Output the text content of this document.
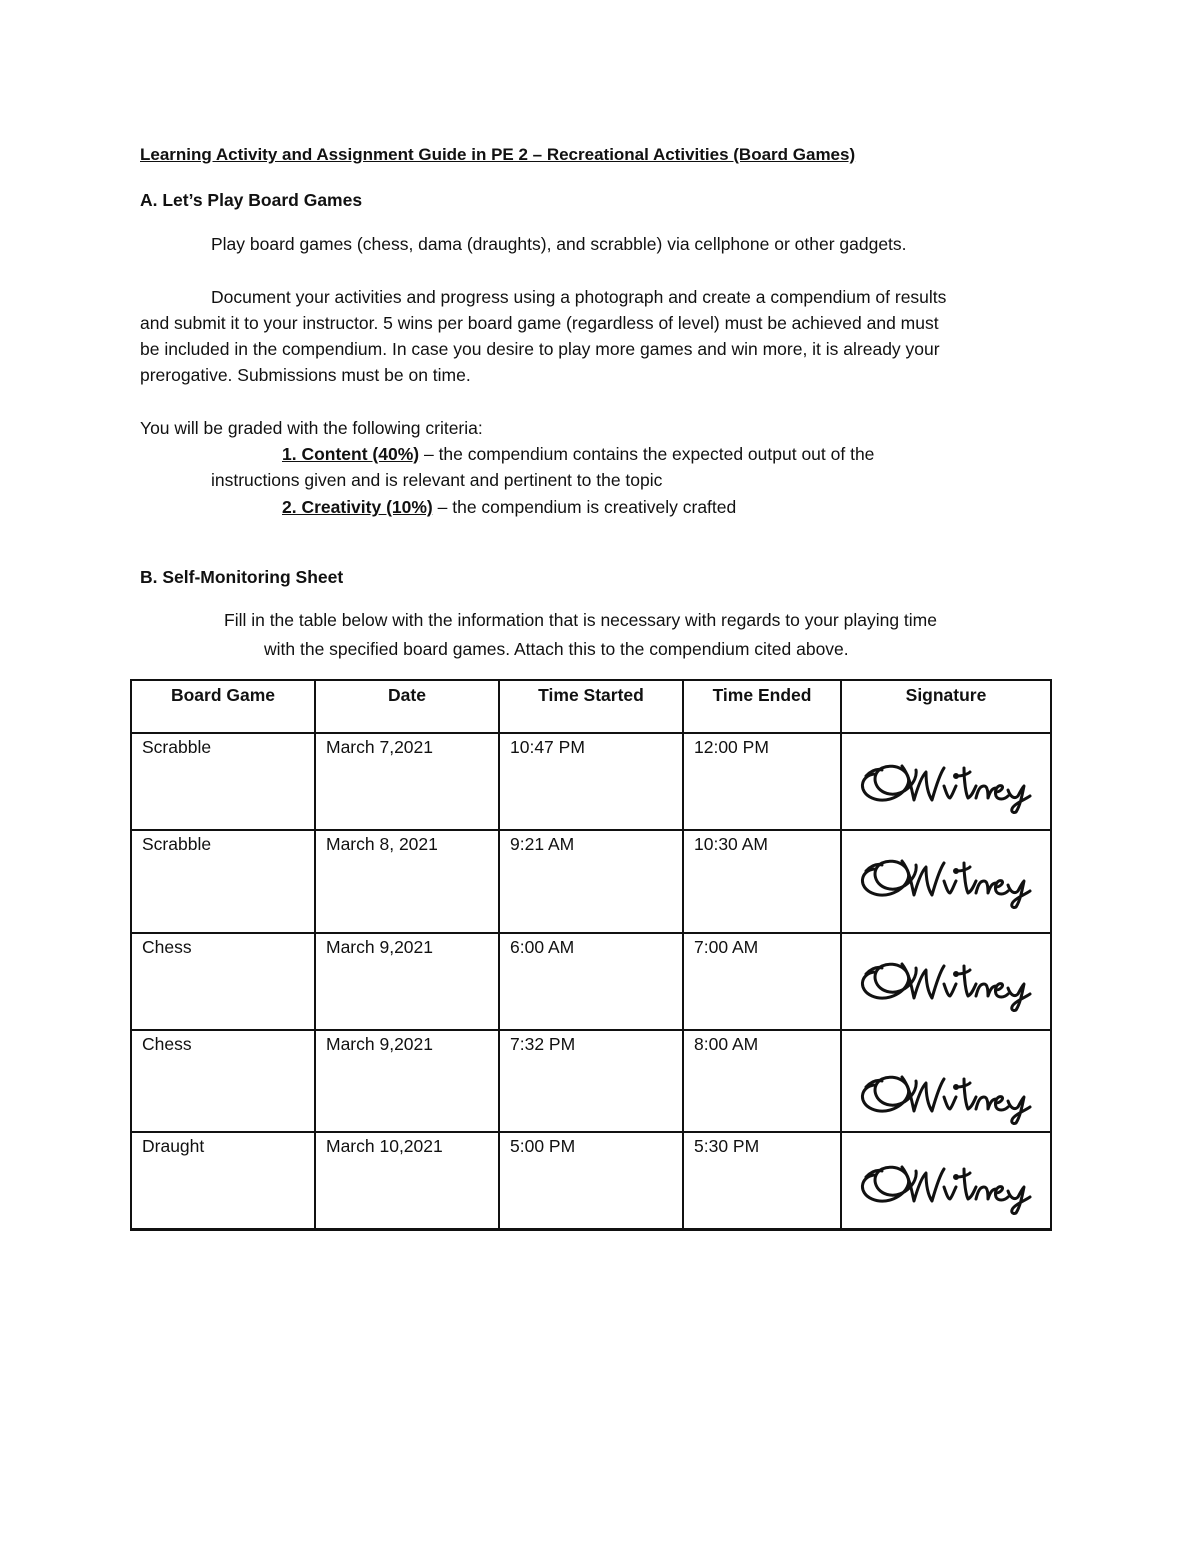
Learning Activity and Assignment Guide in PE 2 – Recreational Activities (Board Games)
A. Let’s Play Board Games
Play board games (chess, dama (draughts), and scrabble) via cellphone or other gadgets.
Document your activities and progress using a photograph and create a compendium of results
and submit it to your instructor. 5 wins per board game (regardless of level) must be achieved and must
be included in the compendium. In case you desire to play more games and win more, it is already your
prerogative. Submissions must be on time.
You will be graded with the following criteria:
1. Content (40%) – the compendium contains the expected output out of the
instructions given and is relevant and pertinent to the topic
2. Creativity (10%) – the compendium is creatively crafted
B. Self-Monitoring Sheet
Fill in the table below with the information that is necessary with regards to your playing time
with the specified board games. Attach this to the compendium cited above.
Board Game	Date	Time Started	Time Ended	Signature
Scrabble	March 7,2021	10:47 PM	12:00 PM	

Scrabble	March 8, 2021	9:21 AM	10:30 AM	

Chess	March 9,2021	6:00 AM	7:00 AM	

Chess	March 9,2021	7:32 PM	8:00 AM	

Draught	March 10,2021	5:00 PM	5:30 PM	
